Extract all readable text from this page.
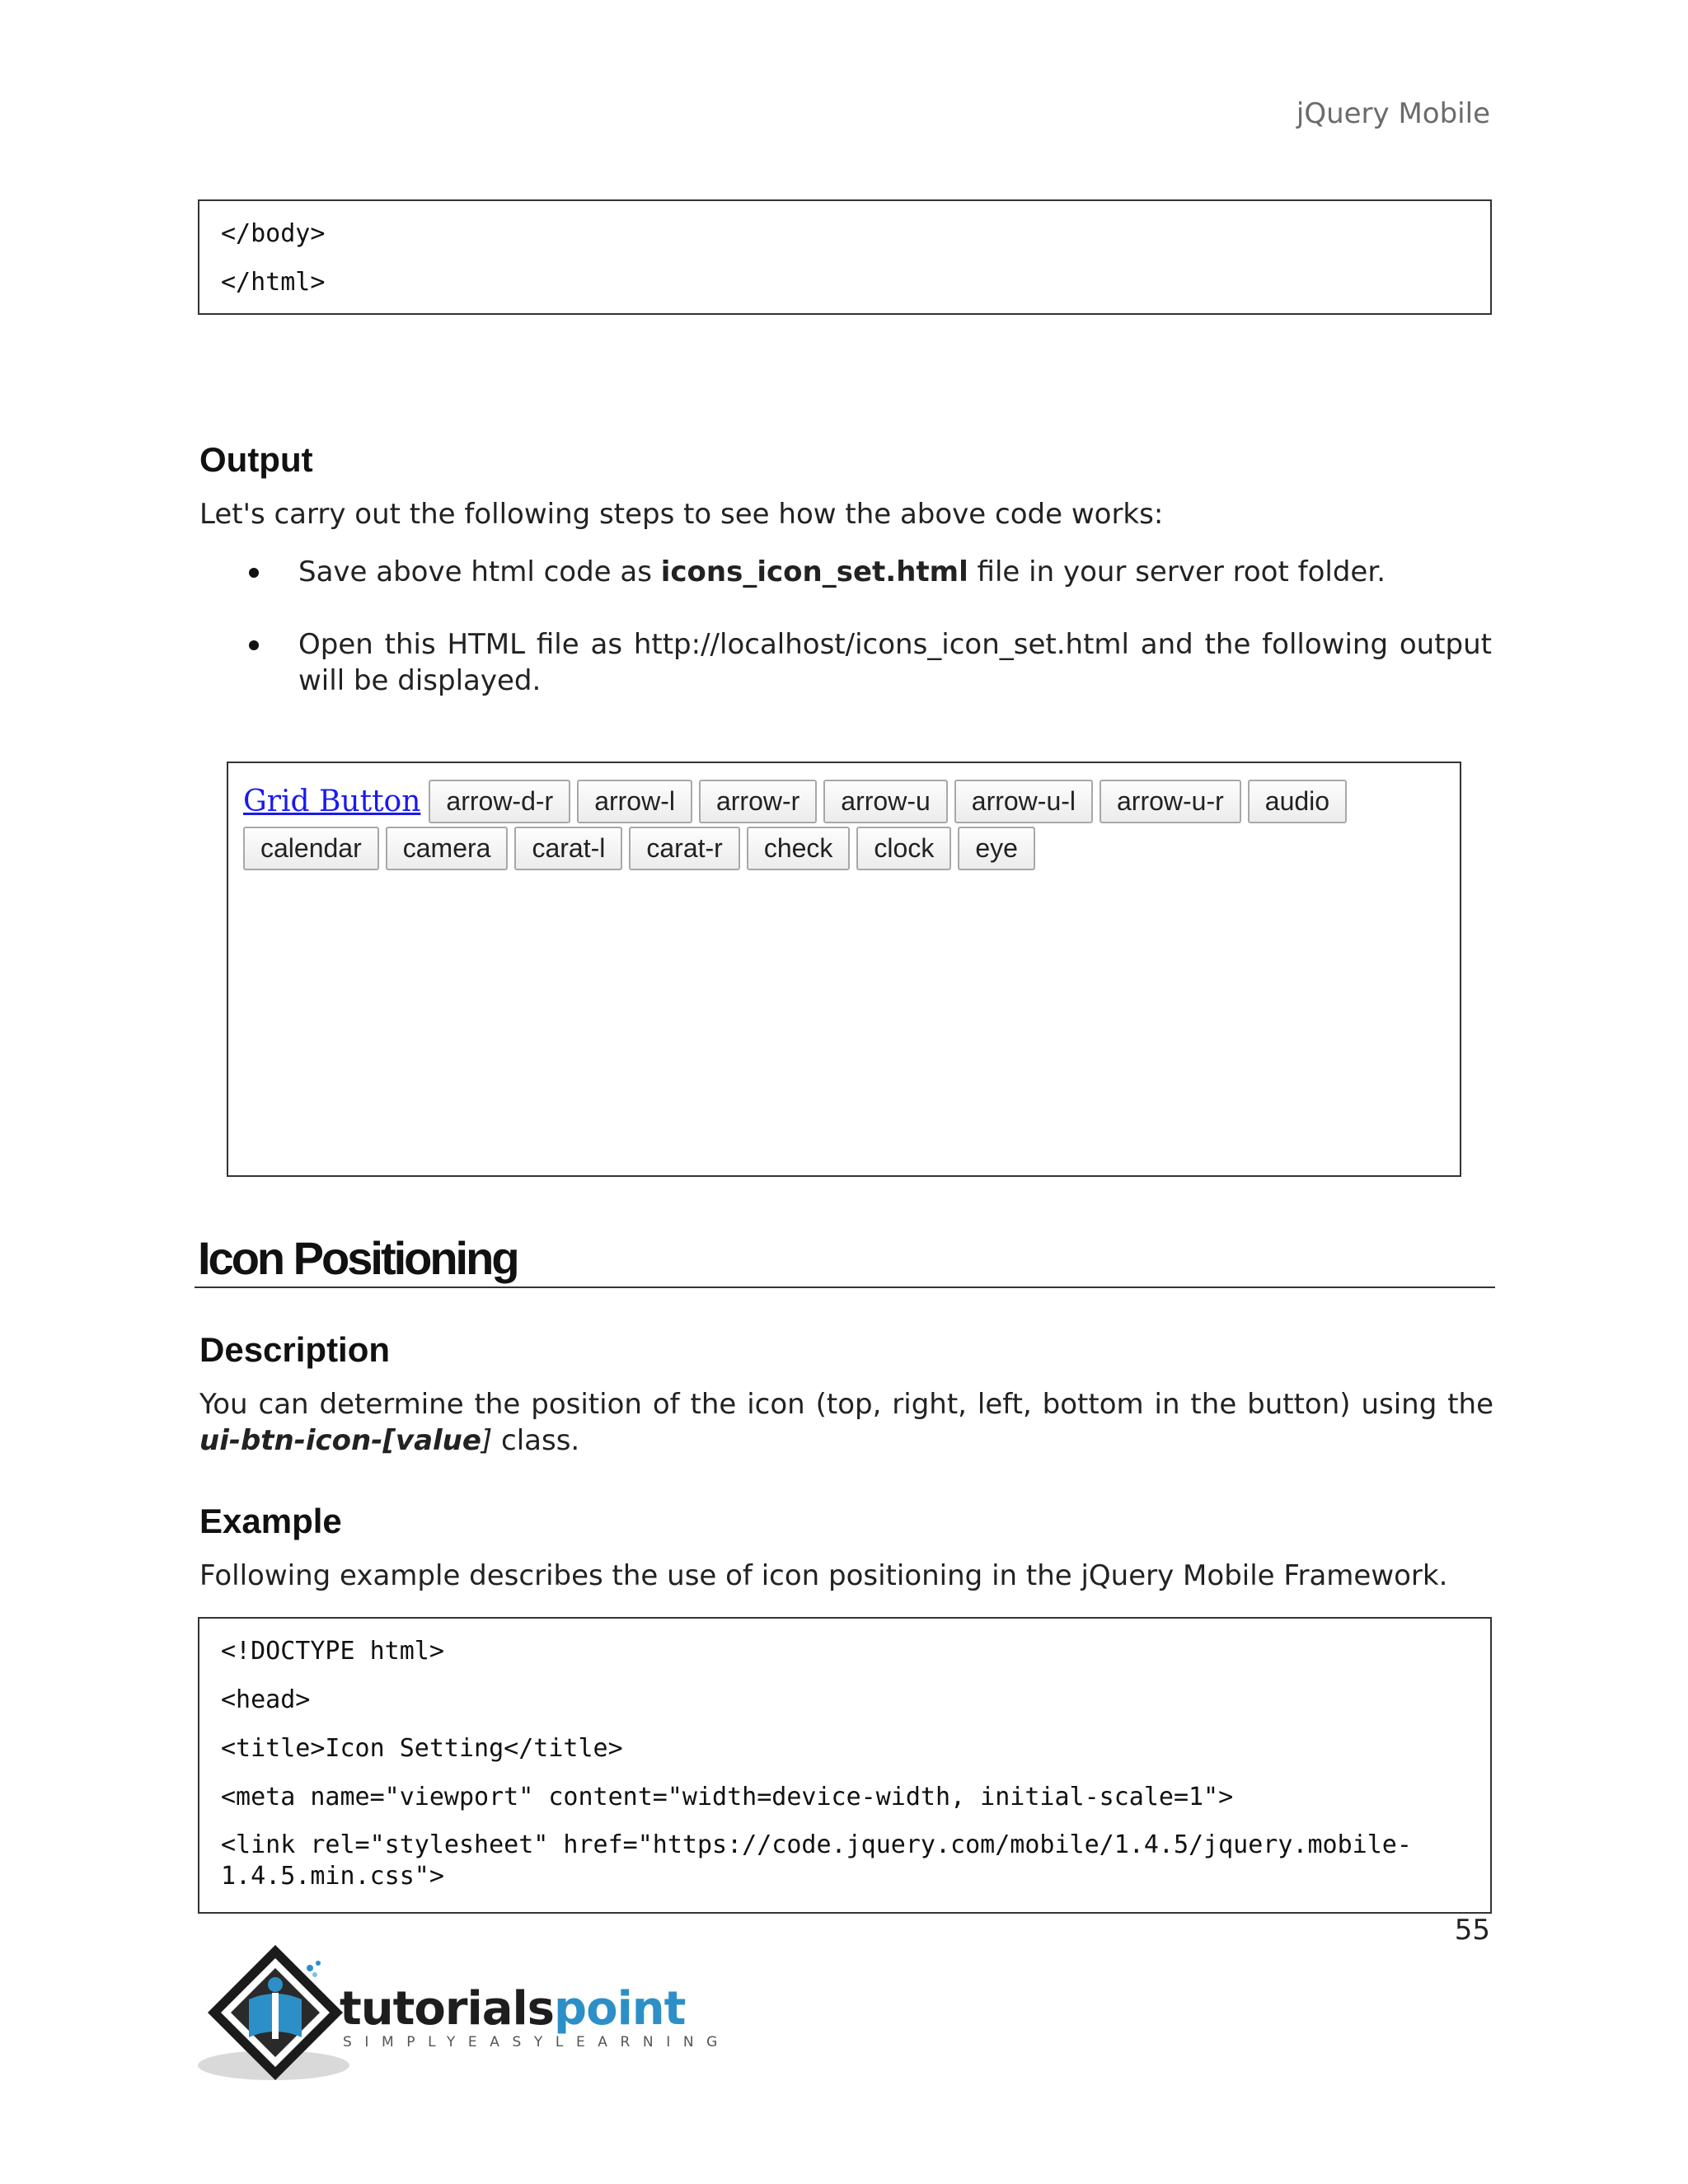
jQuery Mobile
</body>
</html>
Output
Let's carry out the following steps to see how the above code works:
Save above html code as icons_icon_set.html file in your server root folder.
Open this HTML file as http://localhost/icons_icon_set.html and the following output will be displayed.
Grid Button arrow-d-r	arrow-l	arrow-r	arrow-u	arrow-u-l	arrow-u-r	audio
calendar	camera	carat-l	carat-r	check	clock	eye
Icon Positioning
Description
You can determine the position of the icon (top, right, left, bottom in the button) using the ui-btn-icon-[value] class.
Example
Following example describes the use of icon positioning in the jQuery Mobile Framework.
<!DOCTYPE html>
<head>
<title>Icon Setting</title>
<meta name="viewport" content="width=device-width, initial-scale=1">
<link rel="stylesheet" href="https://code.jquery.com/mobile/1.4.5/jquery.mobile-1.4.5.min.css">
55
tutorialspoint
SIMPLYEASYLEARNING
